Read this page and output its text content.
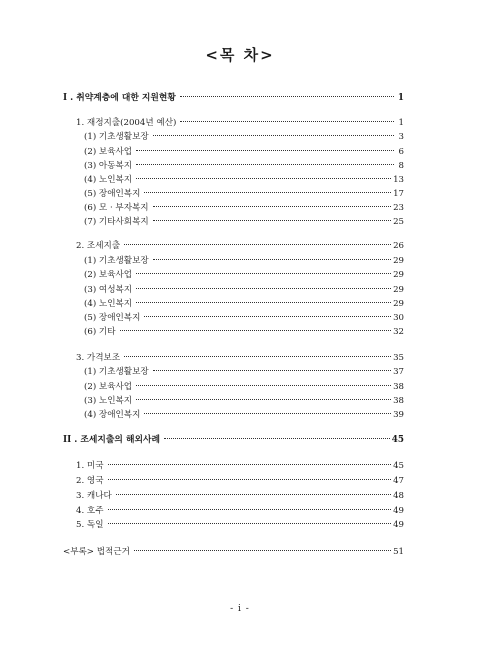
<목 차>
I . 취약계층에 대한 지원현황	1
1. 재정지출(2004년 예산)	1
(1) 기초생활보장	3
(2) 보육사업	6
(3) 아동복지	8
(4) 노인복지	13
(5) 장애인복지	17
(6) 모 · 부자복지	23
(7) 기타사회복지	25
2. 조세지출	26
(1) 기초생활보장	29
(2) 보육사업	29
(3) 여성복지	29
(4) 노인복지	29
(5) 장애인복지	30
(6) 기타	32
3. 가격보조	35
(1) 기초생활보장	37
(2) 보육사업	38
(3) 노인복지	38
(4) 장애인복지	39
II . 조세지출의 해외사례	45
1. 미국	45
2. 영국	47
3. 캐나다	48
4. 호주	49
5. 독일	49
<부록> 법적근거	51
- i -
